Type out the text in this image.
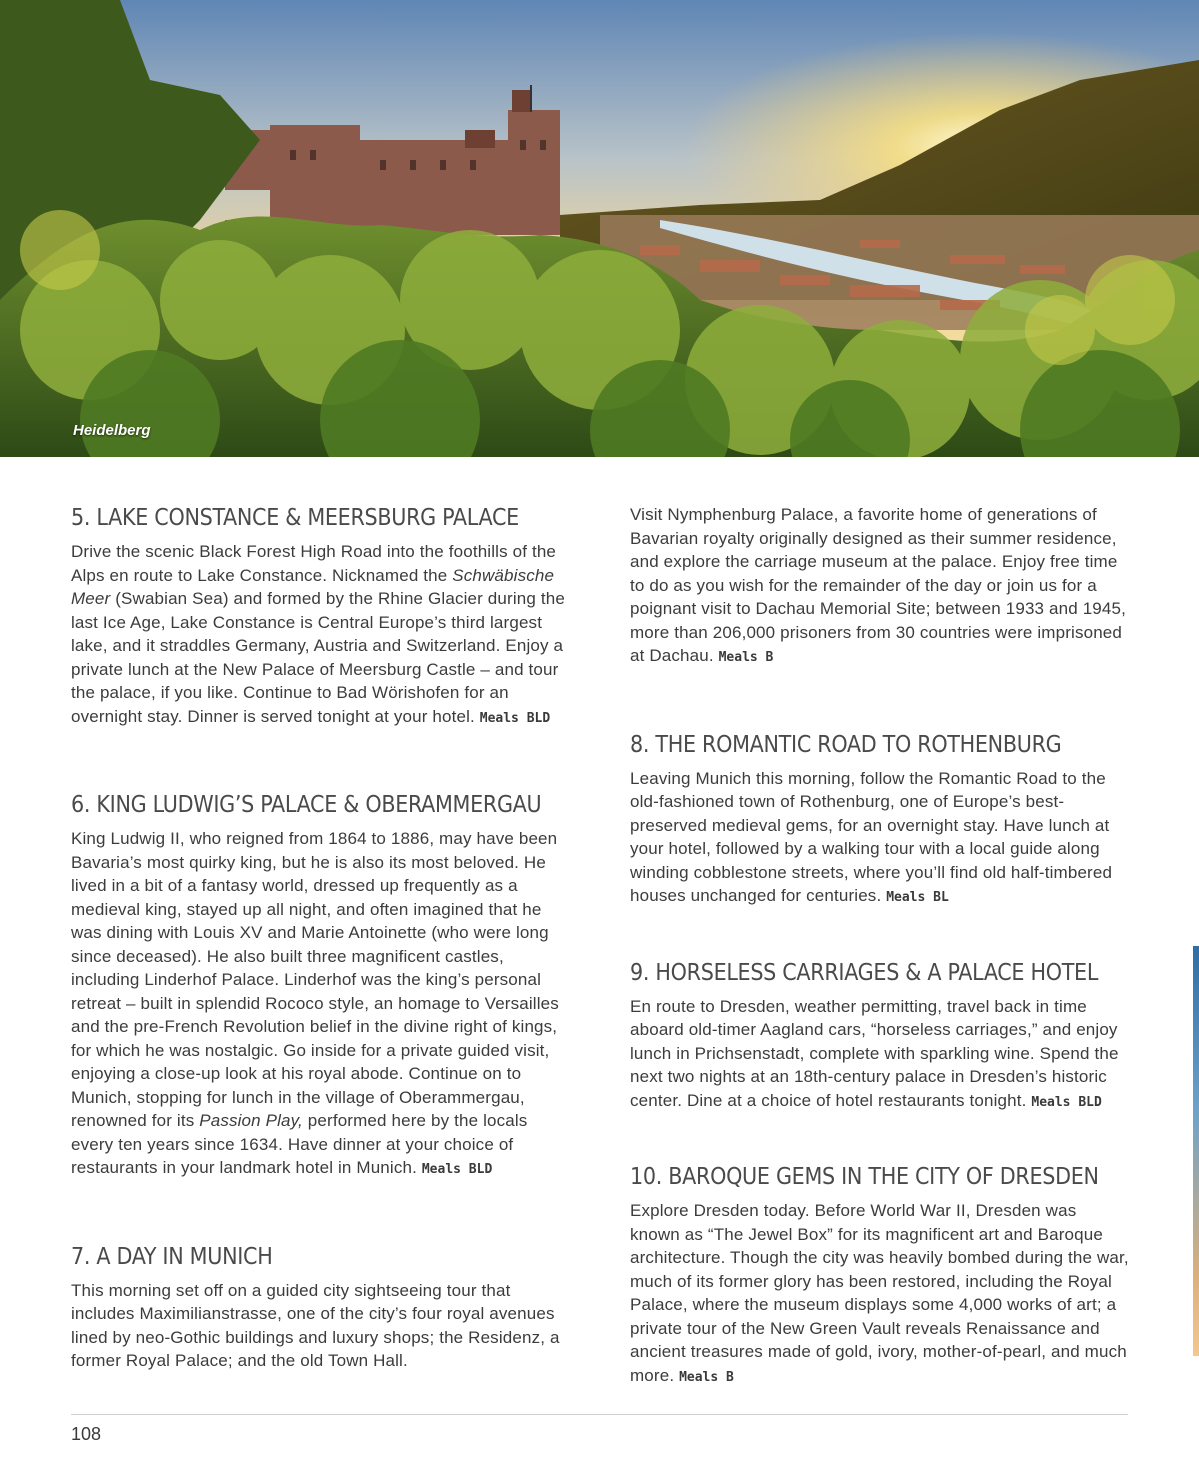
Heidelberg
5. LAKE CONSTANCE & MEERSBURG PALACE

Drive the scenic Black Forest High Road into the foothills of the Alps en route to Lake Constance. Nicknamed the Schwäbische Meer (Swabian Sea) and formed by the Rhine Glacier during the last Ice Age, Lake Constance is Central Europe’s third largest lake, and it straddles Germany, Austria and Switzerland. Enjoy a private lunch at the New Palace of Meersburg Castle – and tour the palace, if you like. Continue to Bad Wörishofen for an overnight stay. Dinner is served tonight at your hotel. Meals BLD

6. KING LUDWIG’S PALACE & OBERAMMERGAU

King Ludwig II, who reigned from 1864 to 1886, may have been Bavaria’s most quirky king, but he is also its most beloved. He lived in a bit of a fantasy world, dressed up frequently as a medieval king, stayed up all night, and often imagined that he was dining with Louis XV and Marie Antoinette (who were long since deceased). He also built three magnificent castles, including Linderhof Palace. Linderhof was the king’s personal retreat – built in splendid Rococo style, an homage to Versailles and the pre-French Revolution belief in the divine right of kings, for which he was nostalgic. Go inside for a private guided visit, enjoying a close-up look at his royal abode. Continue on to Munich, stopping for lunch in the village of Oberammergau, renowned for its Passion Play, performed here by the locals every ten years since 1634. Have dinner at your choice of restaurants in your landmark hotel in Munich. Meals BLD

7. A DAY IN MUNICH

This morning set off on a guided city sightseeing tour that includes Maximilianstrasse, one of the city’s four royal avenues lined by neo-Gothic buildings and luxury shops; the Residenz, a former Royal Palace; and the old Town Hall.

Visit Nymphenburg Palace, a favorite home of generations of Bavarian royalty originally designed as their summer residence, and explore the carriage museum at the palace. Enjoy free time to do as you wish for the remainder of the day or join us for a poignant visit to Dachau Memorial Site; between 1933 and 1945, more than 206,000 prisoners from 30 countries were imprisoned at Dachau. Meals B

8. THE ROMANTIC ROAD TO ROTHENBURG

Leaving Munich this morning, follow the Romantic Road to the old-fashioned town of Rothenburg, one of Europe’s best-preserved medieval gems, for an overnight stay. Have lunch at your hotel, followed by a walking tour with a local guide along winding cobblestone streets, where you’ll find old half-timbered houses unchanged for centuries. Meals BL

9. HORSELESS CARRIAGES & A PALACE HOTEL

En route to Dresden, weather permitting, travel back in time aboard old-timer Aagland cars, “horseless carriages,” and enjoy lunch in Prichsenstadt, complete with sparkling wine. Spend the next two nights at an 18th-century palace in Dresden’s historic center. Dine at a choice of hotel restaurants tonight. Meals BLD

10. BAROQUE GEMS IN THE CITY OF DRESDEN

Explore Dresden today. Before World War II, Dresden was known as “The Jewel Box” for its magnificent art and Baroque architecture. Though the city was heavily bombed during the war, much of its former glory has been restored, including the Royal Palace, where the museum displays some 4,000 works of art; a private tour of the New Green Vault reveals Renaissance and ancient treasures made of gold, ivory, mother-of-pearl, and much more. Meals B

108
